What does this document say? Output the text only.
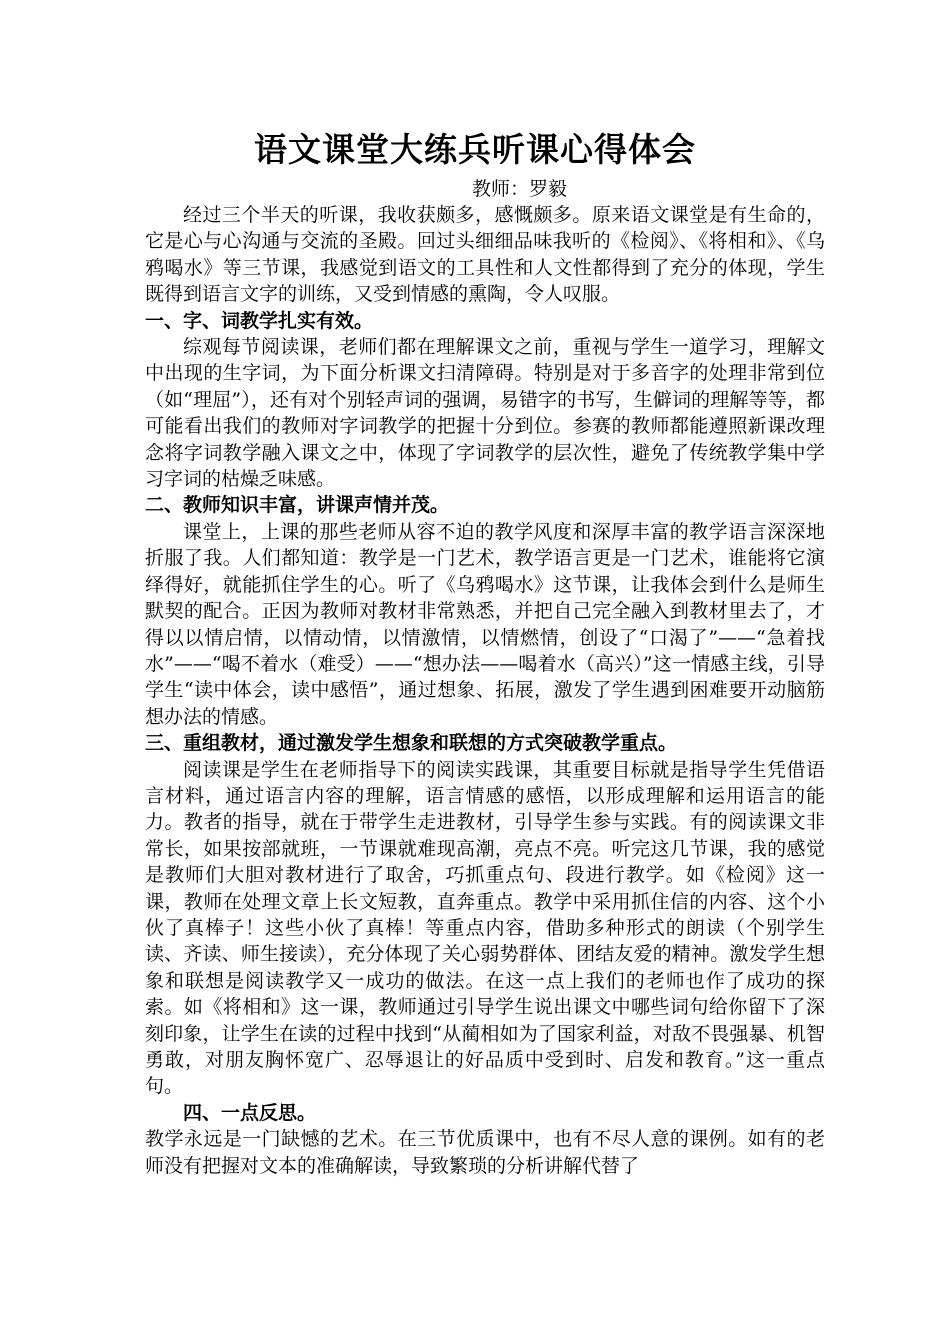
语文课堂大练兵听课心得体会
教师：罗毅

经过三个半天的听课，我收获颇多，感慨颇多。原来语文课堂是有生命的，它是心与心沟通与交流的圣殿。回过头细细品味我听的《检阅》、《将相和》、《乌鸦喝水》等三节课，我感觉到语文的工具性和人文性都得到了充分的体现，学生既得到语言文字的训练，又受到情感的熏陶，令人叹服。

一、字、词教学扎实有效。

综观每节阅读课，老师们都在理解课文之前，重视与学生一道学习，理解文中出现的生字词，为下面分析课文扫清障碍。特别是对于多音字的处理非常到位（如“理屈”），还有对个别轻声词的强调，易错字的书写，生僻词的理解等等，都可能看出我们的教师对字词教学的把握十分到位。参赛的教师都能遵照新课改理念将字词教学融入课文之中，体现了字词教学的层次性，避免了传统教学集中学习字词的枯燥乏味感。

二、教师知识丰富，讲课声情并茂。

课堂上，上课的那些老师从容不迫的教学风度和深厚丰富的教学语言深深地折服了我。人们都知道：教学是一门艺术，教学语言更是一门艺术，谁能将它演绎得好，就能抓住学生的心。听了《乌鸦喝水》这节课，让我体会到什么是师生默契的配合。正因为教师对教材非常熟悉，并把自己完全融入到教材里去了，才得以以情启情，以情动情，以情激情，以情燃情，创设了“口渴了”——“急着找水”——“喝不着水（难受）——“想办法——喝着水（高兴）”这一情感主线，引导学生“读中体会，读中感悟”，通过想象、拓展，激发了学生遇到困难要开动脑筋想办法的情感。

三、重组教材，通过激发学生想象和联想的方式突破教学重点。

阅读课是学生在老师指导下的阅读实践课，其重要目标就是指导学生凭借语言材料，通过语言内容的理解，语言情感的感悟，以形成理解和运用语言的能力。教者的指导，就在于带学生走进教材，引导学生参与实践。有的阅读课文非常长，如果按部就班，一节课就难现高潮，亮点不亮。听完这几节课，我的感觉是教师们大胆对教材进行了取舍，巧抓重点句、段进行教学。如《检阅》这一课，教师在处理文章上长文短教，直奔重点。教学中采用抓住信的内容、这个小伙了真棒子！这些小伙了真棒！等重点内容，借助多种形式的朗读（个别学生读、齐读、师生接读），充分体现了关心弱势群体、团结友爱的精神。激发学生想象和联想是阅读教学又一成功的做法。在这一点上我们的老师也作了成功的探索。如《将相和》这一课，教师通过引导学生说出课文中哪些词句给你留下了深刻印象，让学生在读的过程中找到“从蔺相如为了国家利益，对敌不畏强暴、机智勇敢，对朋友胸怀宽广、忍辱退让的好品质中受到时、启发和教育。”这一重点句。

四、一点反思。

教学永远是一门缺憾的艺术。在三节优质课中，也有不尽人意的课例。如有的老师没有把握对文本的准确解读，导致繁琐的分析讲解代替了
